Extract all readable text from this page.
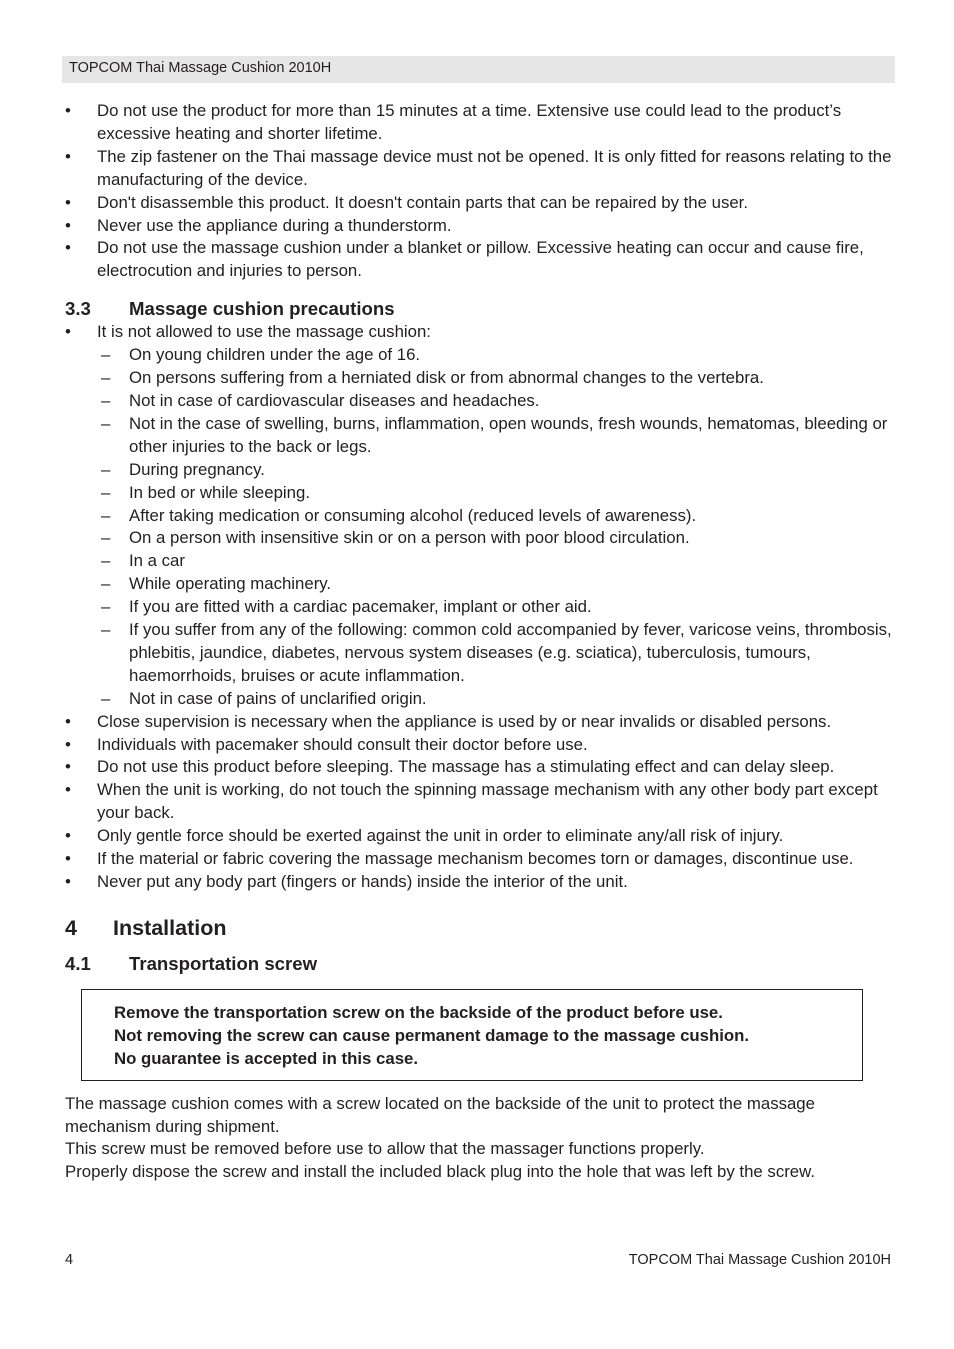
TOPCOM Thai Massage Cushion 2010H
• Do not use the product for more than 15 minutes at a time. Extensive use could lead to the product’s excessive heating and shorter lifetime.
• The zip fastener on the Thai massage device must not be opened. It is only fitted for reasons relating to the manufacturing of the device.
• Don't disassemble this product. It doesn't contain parts that can be repaired by the user.
• Never use the appliance during a thunderstorm.
• Do not use the massage cushion under a blanket or pillow. Excessive heating can occur and cause fire, electrocution and injuries to person.
3.3 Massage cushion precautions
• It is not allowed to use the massage cushion:
– On young children under the age of 16.
– On persons suffering from a herniated disk or from abnormal changes to the vertebra.
– Not in case of cardiovascular diseases and headaches.
– Not in the case of swelling, burns, inflammation, open wounds, fresh wounds, hematomas, bleeding or other injuries to the back or legs.
– During pregnancy.
– In bed or while sleeping.
– After taking medication or consuming alcohol (reduced levels of awareness).
– On a person with insensitive skin or on a person with poor blood circulation.
– In a car
– While operating machinery.
– If you are fitted with a cardiac pacemaker, implant or other aid.
– If you suffer from any of the following: common cold accompanied by fever, varicose veins, thrombosis, phlebitis, jaundice, diabetes, nervous system diseases (e.g. sciatica), tuberculosis, tumours, haemorrhoids, bruises or acute inflammation.
– Not in case of pains of unclarified origin.
• Close supervision is necessary when the appliance is used by or near invalids or disabled persons.
• Individuals with pacemaker should consult their doctor before use.
• Do not use this product before sleeping. The massage has a stimulating effect and can delay sleep.
• When the unit is working, do not touch the spinning massage mechanism with any other body part except your back.
• Only gentle force should be exerted against the unit in order to eliminate any/all risk of injury.
• If the material or fabric covering the massage mechanism becomes torn or damages, discontinue use.
• Never put any body part (fingers or hands) inside the interior of the unit.
4 Installation
4.1 Transportation screw
Remove the transportation screw on the backside of the product before use.
Not removing the screw can cause permanent damage to the massage cushion.
No guarantee is accepted in this case.
The massage cushion comes with a screw located on the backside of the unit to protect the massage mechanism during shipment.
This screw must be removed before use to allow that the massager functions properly.
Properly dispose the screw and install the included black plug into the hole that was left by the screw.
4	TOPCOM Thai Massage Cushion 2010H
